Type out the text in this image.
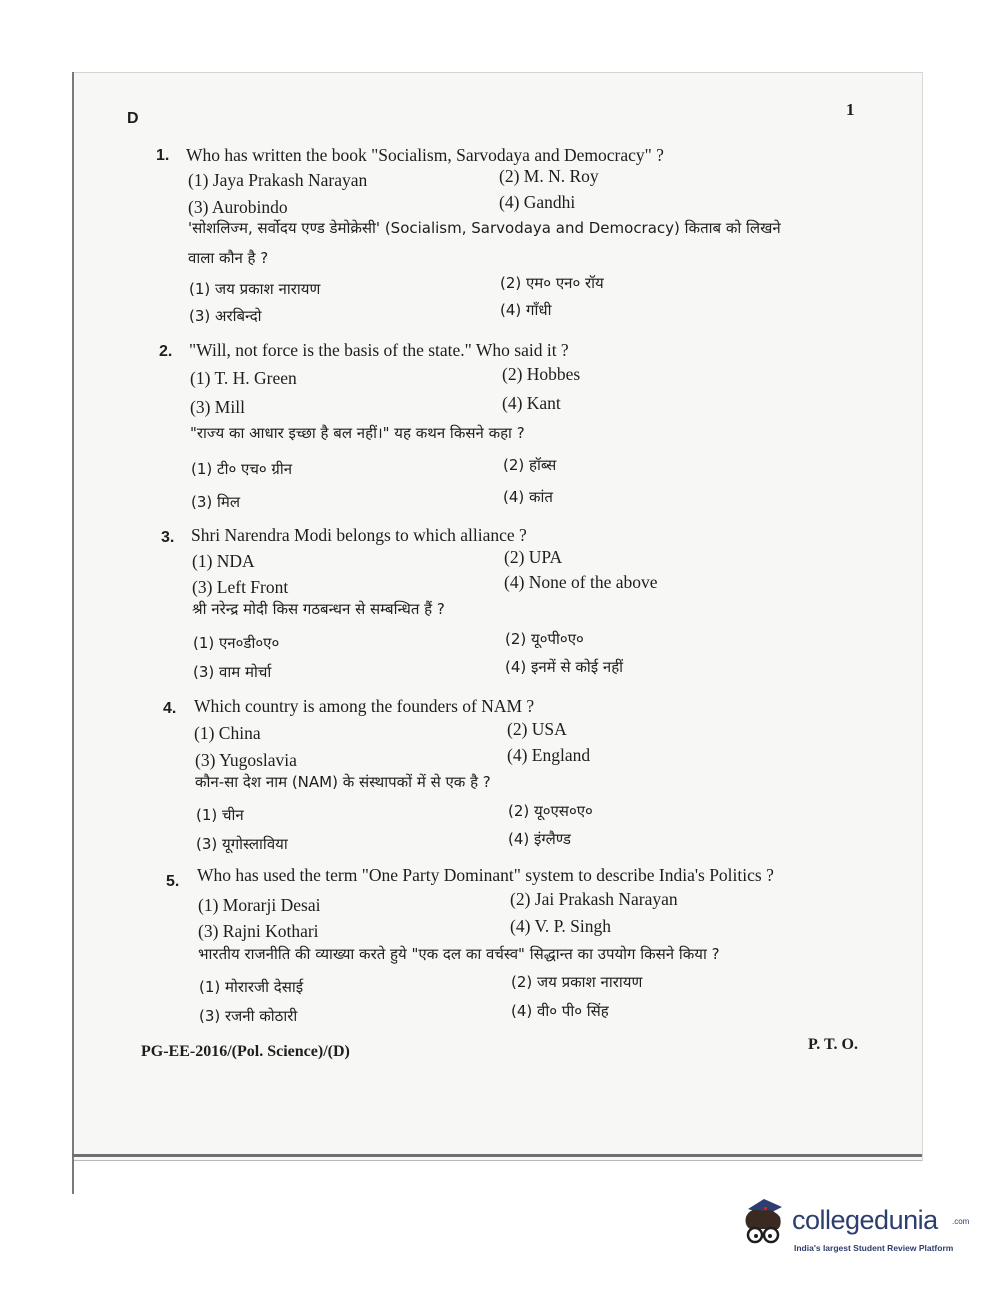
D	1
1. Who has written the book "Socialism, Sarvodaya and Democracy" ?
(1) Jaya Prakash Narayan	(2) M. N. Roy
(3) Aurobindo	(4) Gandhi
'सोशलिज्म, सर्वोदय एण्ड डेमोक्रेसी' (Socialism, Sarvodaya and Democracy) किताब को लिखने
वाला कौन है ?
(1) जय प्रकाश नारायण	(2) एम० एन० रॉय
(3) अरबिन्दो	(4) गाँधी
2. "Will, not force is the basis of the state." Who said it ?
(1) T. H. Green	(2) Hobbes
(3) Mill	(4) Kant
"राज्य का आधार इच्छा है बल नहीं।" यह कथन किसने कहा ?
(1) टी० एच० ग्रीन	(2) हॉब्स
(3) मिल	(4) कांत
3. Shri Narendra Modi belongs to which alliance ?
(1) NDA	(2) UPA
(3) Left Front	(4) None of the above
श्री नरेन्द्र मोदी किस गठबन्धन से सम्बन्धित हैं ?
(1) एन०डी०ए०	(2) यू०पी०ए०
(3) वाम मोर्चा	(4) इनमें से कोई नहीं
4. Which country is among the founders of NAM ?
(1) China	(2) USA
(3) Yugoslavia	(4) England
कौन-सा देश नाम (NAM) के संस्थापकों में से एक है ?
(1) चीन	(2) यू०एस०ए०
(3) यूगोस्लाविया	(4) इंग्लैण्ड
5. Who has used the term "One Party Dominant" system to describe India's Politics ?
(1) Morarji Desai	(2) Jai Prakash Narayan
(3) Rajni Kothari	(4) V. P. Singh
भारतीय राजनीति की व्याख्या करते हुये "एक दल का वर्चस्व" सिद्धान्त का उपयोग किसने किया ?
(1) मोरारजी देसाई	(2) जय प्रकाश नारायण
(3) रजनी कोठारी	(4) वी० पी० सिंह
PG-EE-2016/(Pol. Science)/(D)	P. T. O.
collegedunia .com
India's largest Student Review Platform
